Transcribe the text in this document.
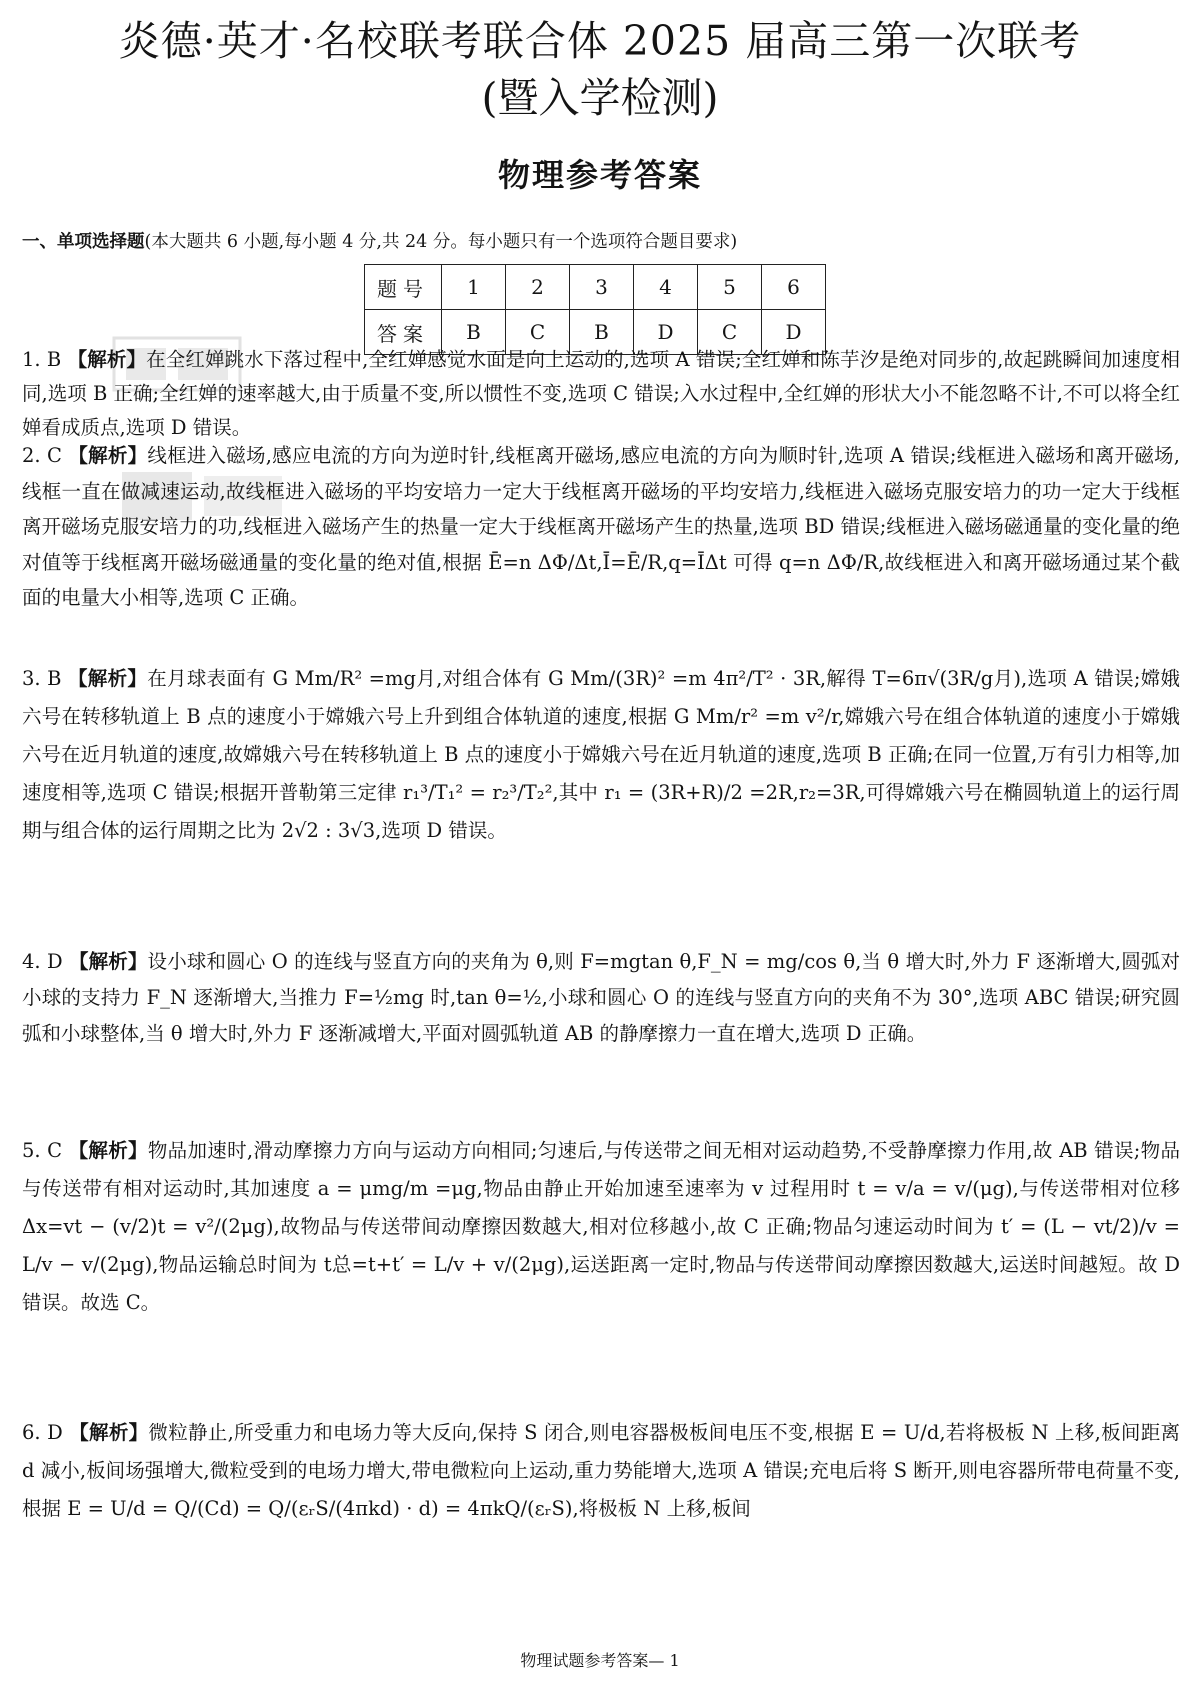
炎德·英才·名校联考联合体 2025 届高三第一次联考
(暨入学检测)
物理参考答案
一、单项选择题(本大题共 6 小题,每小题 4 分,共 24 分。每小题只有一个选项符合题目要求)
题号	1	2	3	4	5	6
答案	B	C	B	D	C	D
1. B 【解析】在全红婵跳水下落过程中,全红婵感觉水面是向上运动的,选项 A 错误;全红婵和陈芋汐是绝对同步的,故起跳瞬间加速度相同,选项 B 正确;全红婵的速率越大,由于质量不变,所以惯性不变,选项 C 错误;入水过程中,全红婵的形状大小不能忽略不计,不可以将全红婵看成质点,选项 D 错误。
2. C 【解析】线框进入磁场,感应电流的方向为逆时针,线框离开磁场,感应电流的方向为顺时针,选项 A 错误;线框进入磁场和离开磁场,线框一直在做减速运动,故线框进入磁场的平均安培力一定大于线框离开磁场的平均安培力,线框进入磁场克服安培力的功一定大于线框离开磁场克服安培力的功,线框进入磁场产生的热量一定大于线框离开磁场产生的热量,选项 BD 错误;线框进入磁场磁通量的变化量的绝对值等于线框离开磁场磁通量的变化量的绝对值,根据 Ē=n ΔΦ/Δt,Ī=Ē/R,q=ĪΔt 可得 q=n ΔΦ/R,故线框进入和离开磁场通过某个截面的电量大小相等,选项 C 正确。
3. B 【解析】在月球表面有 G Mm/R² =mg月,对组合体有 G Mm/(3R)² =m 4π²/T² · 3R,解得 T=6π√(3R/g月),选项 A 错误;嫦娥六号在转移轨道上 B 点的速度小于嫦娥六号上升到组合体轨道的速度,根据 G Mm/r² =m v²/r,嫦娥六号在组合体轨道的速度小于嫦娥六号在近月轨道的速度,故嫦娥六号在转移轨道上 B 点的速度小于嫦娥六号在近月轨道的速度,选项 B 正确;在同一位置,万有引力相等,加速度相等,选项 C 错误;根据开普勒第三定律 r₁³/T₁² = r₂³/T₂²,其中 r₁ = (3R+R)/2 =2R,r₂=3R,可得嫦娥六号在椭圆轨道上的运行周期与组合体的运行周期之比为 2√2 : 3√3,选项 D 错误。
4. D 【解析】设小球和圆心 O 的连线与竖直方向的夹角为 θ,则 F=mgtan θ,F_N = mg/cos θ,当 θ 增大时,外力 F 逐渐增大,圆弧对小球的支持力 F_N 逐渐增大,当推力 F=½mg 时,tan θ=½,小球和圆心 O 的连线与竖直方向的夹角不为 30°,选项 ABC 错误;研究圆弧和小球整体,当 θ 增大时,外力 F 逐渐减增大,平面对圆弧轨道 AB 的静摩擦力一直在增大,选项 D 正确。
5. C 【解析】物品加速时,滑动摩擦力方向与运动方向相同;匀速后,与传送带之间无相对运动趋势,不受静摩擦力作用,故 AB 错误;物品与传送带有相对运动时,其加速度 a = μmg/m =μg,物品由静止开始加速至速率为 v 过程用时 t = v/a = v/(μg),与传送带相对位移 Δx=vt − (v/2)t = v²/(2μg),故物品与传送带间动摩擦因数越大,相对位移越小,故 C 正确;物品匀速运动时间为 t′ = (L − vt/2)/v = L/v − v/(2μg),物品运输总时间为 t总=t+t′ = L/v + v/(2μg),运送距离一定时,物品与传送带间动摩擦因数越大,运送时间越短。故 D 错误。故选 C。
6. D 【解析】微粒静止,所受重力和电场力等大反向,保持 S 闭合,则电容器极板间电压不变,根据 E = U/d,若将极板 N 上移,板间距离 d 减小,板间场强增大,微粒受到的电场力增大,带电微粒向上运动,重力势能增大,选项 A 错误;充电后将 S 断开,则电容器所带电荷量不变,根据 E = U/d = Q/(Cd) = Q/(εᵣS/(4πkd) · d) = 4πkQ/(εᵣS),将极板 N 上移,板间
物理试题参考答案— 1
